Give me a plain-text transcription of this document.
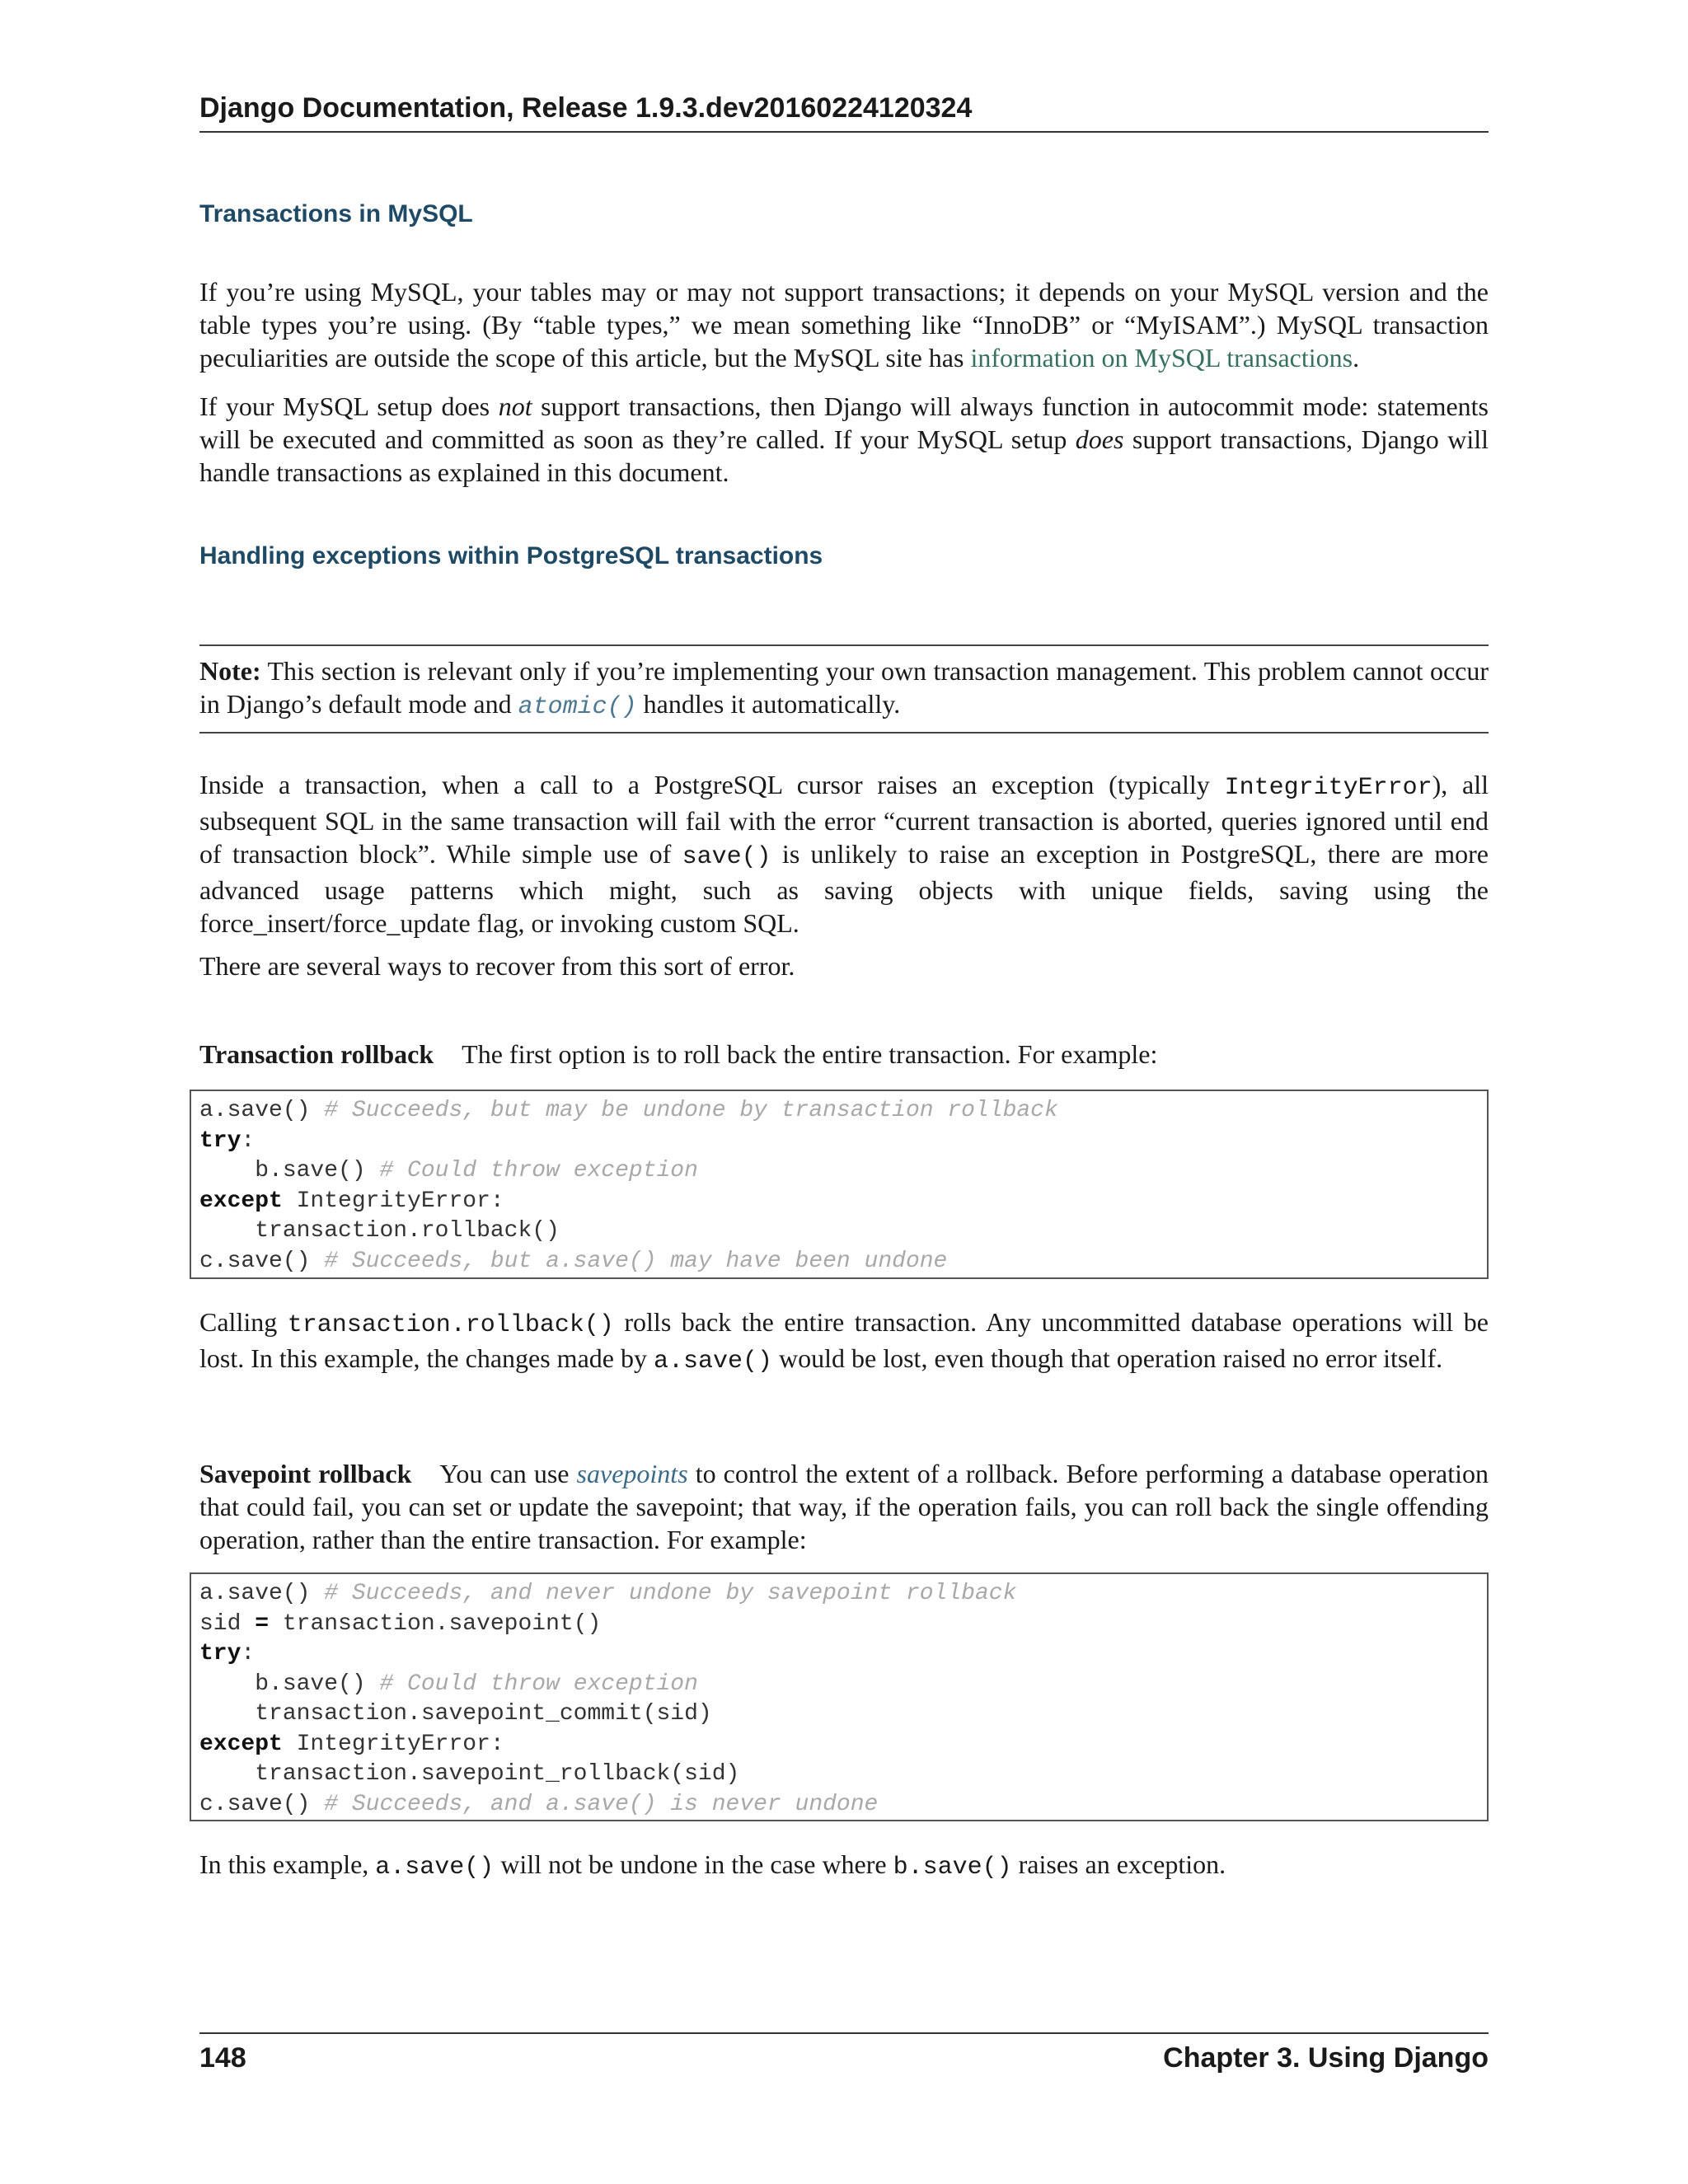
Django Documentation, Release 1.9.3.dev20160224120324
Transactions in MySQL

If you’re using MySQL, your tables may or may not support transactions; it depends on your MySQL version and the table types you’re using. (By “table types,” we mean something like “InnoDB” or “MyISAM”.) MySQL transaction peculiarities are outside the scope of this article, but the MySQL site has information on MySQL transactions.

If your MySQL setup does not support transactions, then Django will always function in autocommit mode: statements will be executed and committed as soon as they’re called. If your MySQL setup does support transactions, Django will handle transactions as explained in this document.

Handling exceptions within PostgreSQL transactions

Note: This section is relevant only if you’re implementing your own transaction management. This problem cannot occur in Django’s default mode and atomic() handles it automatically.

Inside a transaction, when a call to a PostgreSQL cursor raises an exception (typically IntegrityError), all subsequent SQL in the same transaction will fail with the error “current transaction is aborted, queries ignored until end of transaction block”. While simple use of save() is unlikely to raise an exception in PostgreSQL, there are more advanced usage patterns which might, such as saving objects with unique fields, saving using the force_insert/force_update flag, or invoking custom SQL.

There are several ways to recover from this sort of error.

Transaction rollback The first option is to roll back the entire transaction. For example:

a.save() # Succeeds, but may be undone by transaction rollback
try:
b.save() # Could throw exception
except IntegrityError:
transaction.rollback()
c.save() # Succeeds, but a.save() may have been undone

Calling transaction.rollback() rolls back the entire transaction. Any uncommitted database operations will be lost. In this example, the changes made by a.save() would be lost, even though that operation raised no error itself.

Savepoint rollback You can use savepoints to control the extent of a rollback. Before performing a database operation that could fail, you can set or update the savepoint; that way, if the operation fails, you can roll back the single offending operation, rather than the entire transaction. For example:

a.save() # Succeeds, and never undone by savepoint rollback
sid = transaction.savepoint()
try:
b.save() # Could throw exception
transaction.savepoint_commit(sid)
except IntegrityError:
transaction.savepoint_rollback(sid)
c.save() # Succeeds, and a.save() is never undone

In this example, a.save() will not be undone in the case where b.save() raises an exception.

148	Chapter 3. Using Django
